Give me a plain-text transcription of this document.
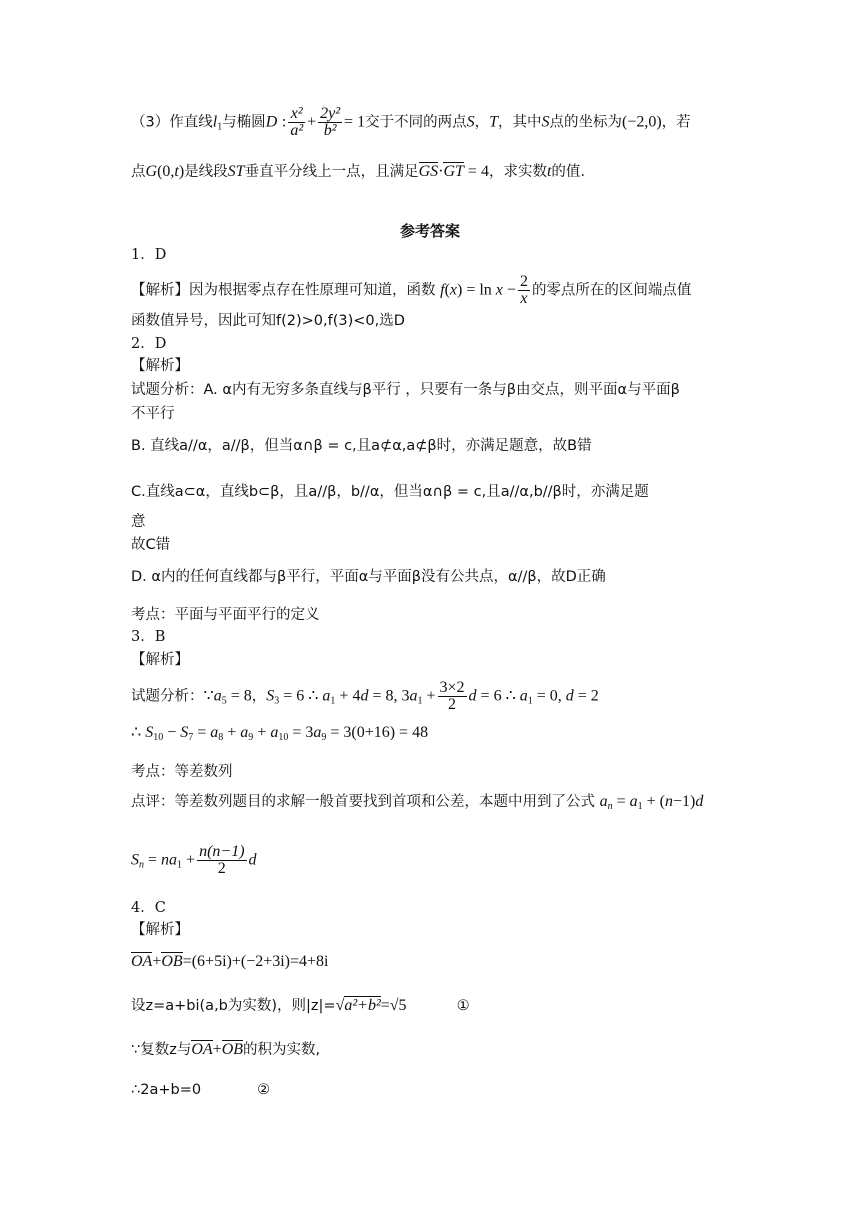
（3）作直线$l_1$与椭圆D : $\frac{\text{x²}}{\text{a²}} + \frac{\text{2y²}}{\text{b²}} = 1$交于不同的两点S，T，其中S点的坐标为(−2,0)，若
点G(0,t)是线段ST垂直平分线上一点，且满足GS·GT = 4，求实数t的值.
参考答案
1．D
【解析】因为根据零点存在性原理可知道，函数 $f(x) = \ln x - \frac{2}{x}$ 的零点所在的区间端点值
函数值异号，因此可知f(2)>0,f(3)<0,选D
2．D
【解析】
试题分析：A. α内有无穷多条直线与β平行 ，只要有一条与β由交点，则平面α与平面β
不平行
B. 直线a//α，a//β，但当α∩β = c,且a⊄α,a⊄β时，亦满足题意，故B错
C.直线a⊂α，直线b⊂β，且a//β，b//α，但当α∩β = c,且a//α,b//β时，亦满足题
意
故C错
D. α内的任何直线都与β平行，平面α与平面β没有公共点，α//β，故D正确
考点：平面与平面平行的定义
3．B
【解析】
试题分析：$\because a_5 = 8$，$S_3 = 6$ ∴ $a_1 + 4d = 8$, $3a_1 + \frac{3\times 2}{2}$ d = 6 ∴ $a_1 = 0$, d = 2
∴ $S_{10} - S_7 = a_8 + a_9 + a_{10} = 3a_9 = 3(0+16) = 48$
考点：等差数列
点评：等差数列题目的求解一般首要找到首项和公差，本题中用到了公式 $a_n = a_1 + (n-1)d$
$S_n = na_1 + \frac{n(n-1)}{2}$ d
4．C
【解析】
OA+OB=(6+5i)+(−2+3i)=4+8i
设z=a+bi(a,b为实数)，则|z|=√a²+b²=√5	①
∵复数z与OA+OB的积为实数,
∴2a+b=0	②
